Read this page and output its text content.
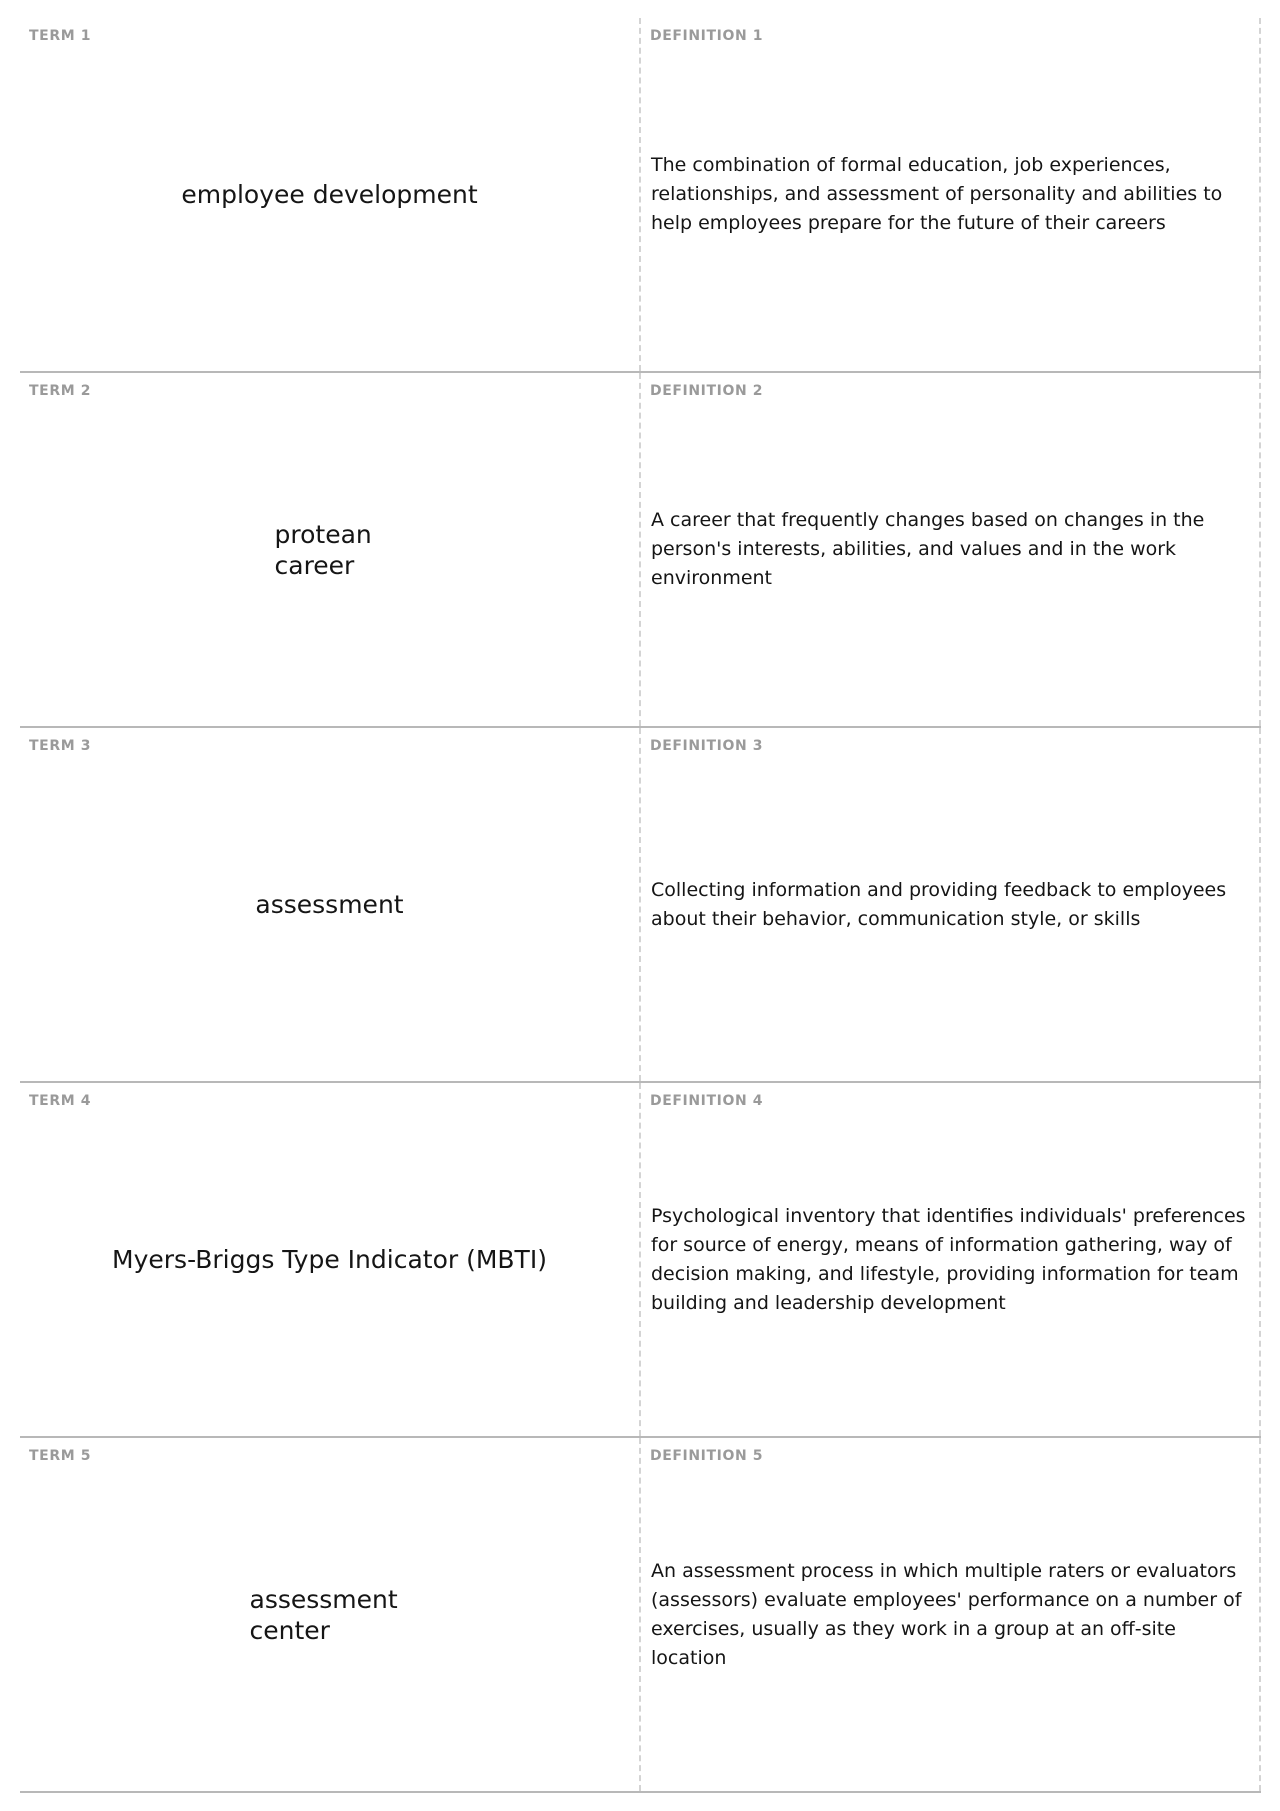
TERM 1
employee development
DEFINITION 1
The combination of formal education, job experiences, relationships, and assessment of personality and abilities to help employees prepare for the future of their careers
TERM 2
protean career
DEFINITION 2
A career that frequently changes based on changes in the person's interests, abilities, and values and in the work environment
TERM 3
assessment
DEFINITION 3
Collecting information and providing feedback to employees about their behavior, communication style, or skills
TERM 4
Myers-Briggs Type Indicator (MBTI)
DEFINITION 4
Psychological inventory that identifies individuals' preferences for source of energy, means of information gathering, way of decision making, and lifestyle, providing information for team building and leadership development
TERM 5
assessment center
DEFINITION 5
An assessment process in which multiple raters or evaluators (assessors) evaluate employees' performance on a number of exercises, usually as they work in a group at an off-site location
